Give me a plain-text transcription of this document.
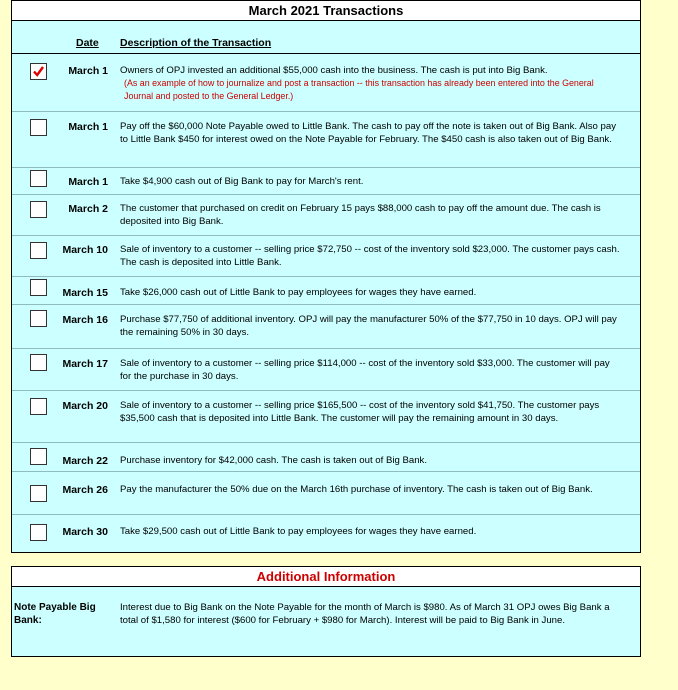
March 2021 Transactions
Date Description of the Transaction
March 1 Owners of OPJ invested an additional $55,000 cash into the business. The cash is put into Big Bank.
(As an example of how to journalize and post a transaction -- this transaction has already been entered into the General Journal and posted to the General Ledger.)
March 1 Pay off the $60,000 Note Payable owed to Little Bank. The cash to pay off the note is taken out of Big Bank. Also pay to Little Bank $450 for interest owed on the Note Payable for February. The $450 cash is also taken out of Big Bank.
March 1 Take $4,900 cash out of Big Bank to pay for March's rent.
March 2 The customer that purchased on credit on February 15 pays $88,000 cash to pay off the amount due. The cash is deposited into Big Bank.
March 10 Sale of inventory to a customer -- selling price $72,750 -- cost of the inventory sold $23,000. The customer pays cash. The cash is deposited into Little Bank.
March 15 Take $26,000 cash out of Little Bank to pay employees for wages they have earned.
March 16 Purchase $77,750 of additional inventory. OPJ will pay the manufacturer 50% of the $77,750 in 10 days. OPJ will pay the remaining 50% in 30 days.
March 17 Sale of inventory to a customer -- selling price $114,000 -- cost of the inventory sold $33,000. The customer will pay for the purchase in 30 days.
March 20 Sale of inventory to a customer -- selling price $165,500 -- cost of the inventory sold $41,750. The customer pays $35,500 cash that is deposited into Little Bank. The customer will pay the remaining amount in 30 days.
March 22 Purchase inventory for $42,000 cash. The cash is taken out of Big Bank.
March 26 Pay the manufacturer the 50% due on the March 16th purchase of inventory. The cash is taken out of Big Bank.
March 30 Take $29,500 cash out of Little Bank to pay employees for wages they have earned.
Additional Information
Note Payable Big Bank:
Interest due to Big Bank on the Note Payable for the month of March is $980. As of March 31 OPJ owes Big Bank a total of $1,580 for interest ($600 for February + $980 for March). Interest will be paid to Big Bank in June.
